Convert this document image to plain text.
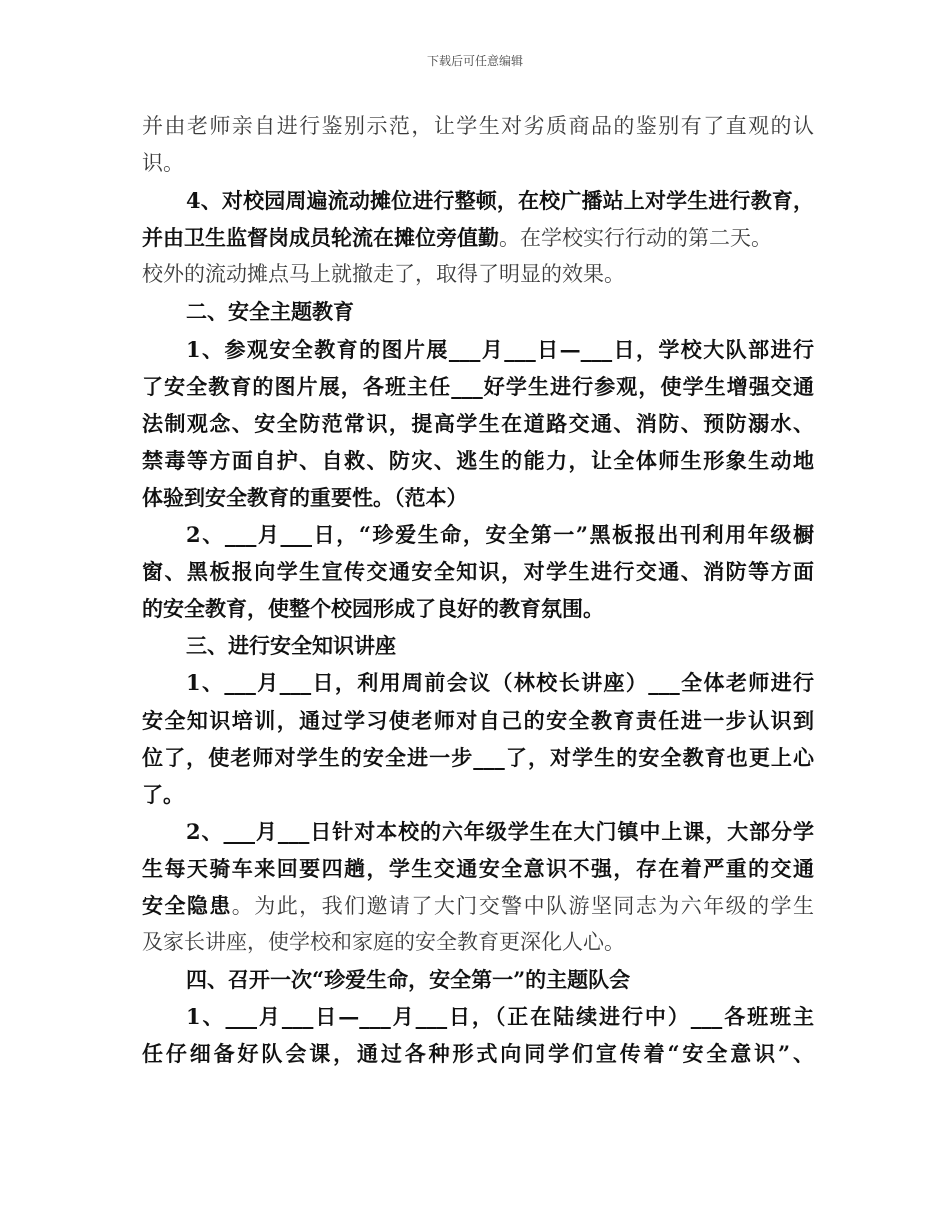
下载后可任意编辑
并由老师亲自进行鉴别示范，让学生对劣质商品的鉴别有了直观的认
识。
4、对校园周遍流动摊位进行整顿，在校广播站上对学生进行教育，
并由卫生监督岗成员轮流在摊位旁值勤。在学校实行行动的第二天。
校外的流动摊点马上就撤走了，取得了明显的效果。
二、安全主题教育
1、参观安全教育的图片展___月___日—___日，学校大队部进行
了安全教育的图片展，各班主任___好学生进行参观，使学生增强交通
法制观念、安全防范常识，提高学生在道路交通、消防、预防溺水、
禁毒等方面自护、自救、防灾、逃生的能力，让全体师生形象生动地
体验到安全教育的重要性。（范本）
2、___月___日，“珍爱生命，安全第一”黑板报出刊利用年级橱
窗、黑板报向学生宣传交通安全知识，对学生进行交通、消防等方面
的安全教育，使整个校园形成了良好的教育氛围。
三、进行安全知识讲座
1、___月___日，利用周前会议（林校长讲座）___全体老师进行
安全知识培训，通过学习使老师对自己的安全教育责任进一步认识到
位了，使老师对学生的安全进一步___了，对学生的安全教育也更上心
了。
2、___月___日针对本校的六年级学生在大门镇中上课，大部分学
生每天骑车来回要四趟，学生交通安全意识不强，存在着严重的交通
安全隐患。为此，我们邀请了大门交警中队游坚同志为六年级的学生
及家长讲座，使学校和家庭的安全教育更深化人心。
四、召开一次“珍爱生命，安全第一”的主题队会
1、___月___日—___月___日，（正在陆续进行中）___各班班主
任仔细备好队会课，通过各种形式向同学们宣传着“安全意识”、
